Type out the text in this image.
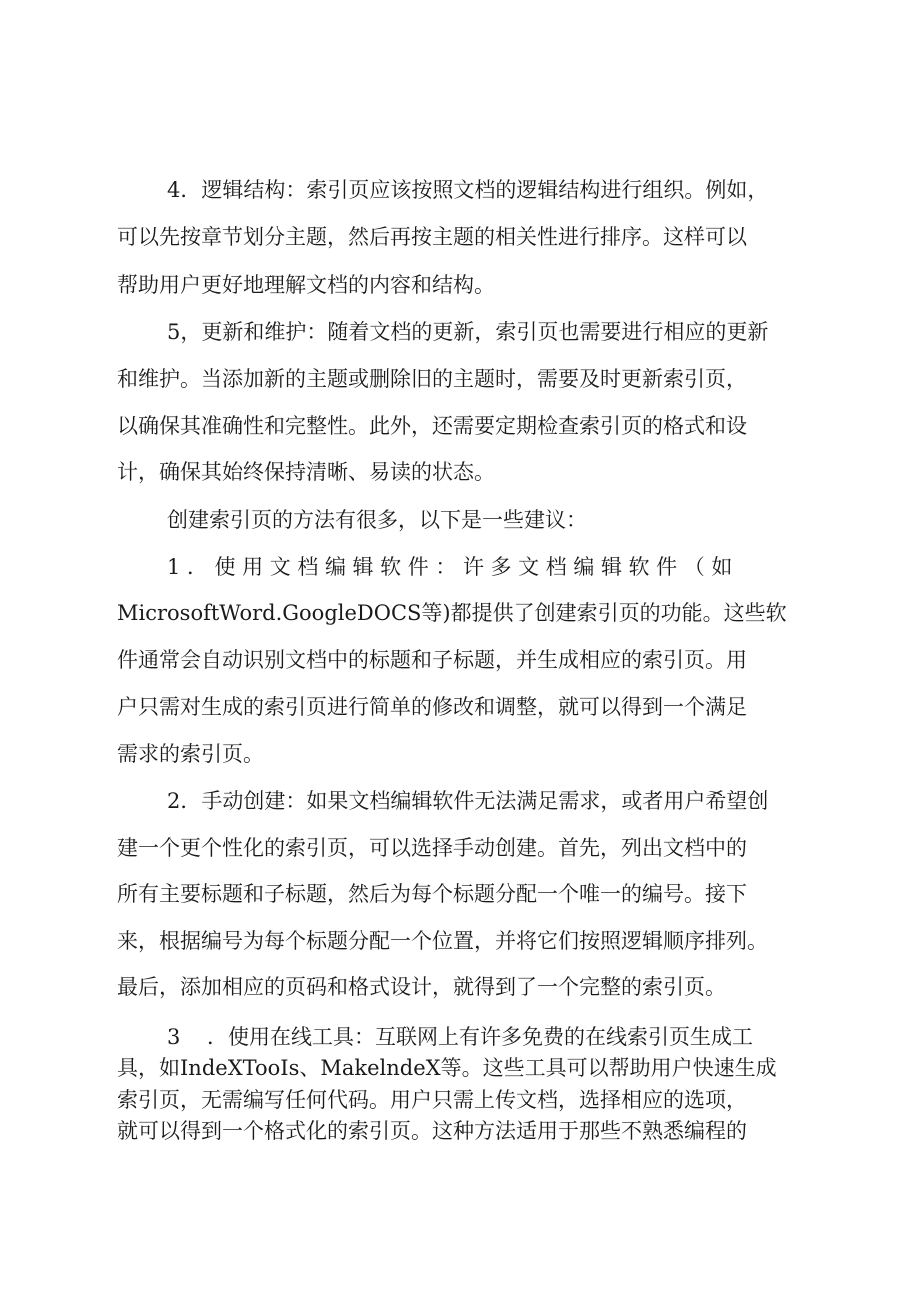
4．逻辑结构：索引页应该按照文档的逻辑结构进行组织。例如，

可以先按章节划分主题，然后再按主题的相关性进行排序。这样可以

帮助用户更好地理解文档的内容和结构。

5，更新和维护：随着文档的更新，索引页也需要进行相应的更新

和维护。当添加新的主题或删除旧的主题时，需要及时更新索引页，

以确保其准确性和完整性。此外，还需要定期检查索引页的格式和设

计，确保其始终保持清晰、易读的状态。

创建索引页的方法有很多，以下是一些建议：

1．使用文档编辑软件：许多文档编辑软件（如

MicrosoftWord.GoogleDOCS等)都提供了创建索引页的功能。这些软

件通常会自动识别文档中的标题和子标题，并生成相应的索引页。用

户只需对生成的索引页进行简单的修改和调整，就可以得到一个满足

需求的索引页。

2．手动创建：如果文档编辑软件无法满足需求，或者用户希望创

建一个更个性化的索引页，可以选择手动创建。首先，列出文档中的

所有主要标题和子标题，然后为每个标题分配一个唯一的编号。接下

来，根据编号为每个标题分配一个位置，并将它们按照逻辑顺序排列。

最后，添加相应的页码和格式设计，就得到了一个完整的索引页。

3    ．使用在线工具：互联网上有许多免费的在线索引页生成工

具，如IndeXTooIs、MakelndeX等。这些工具可以帮助用户快速生成

索引页，无需编写任何代码。用户只需上传文档，选择相应的选项，

就可以得到一个格式化的索引页。这种方法适用于那些不熟悉编程的
